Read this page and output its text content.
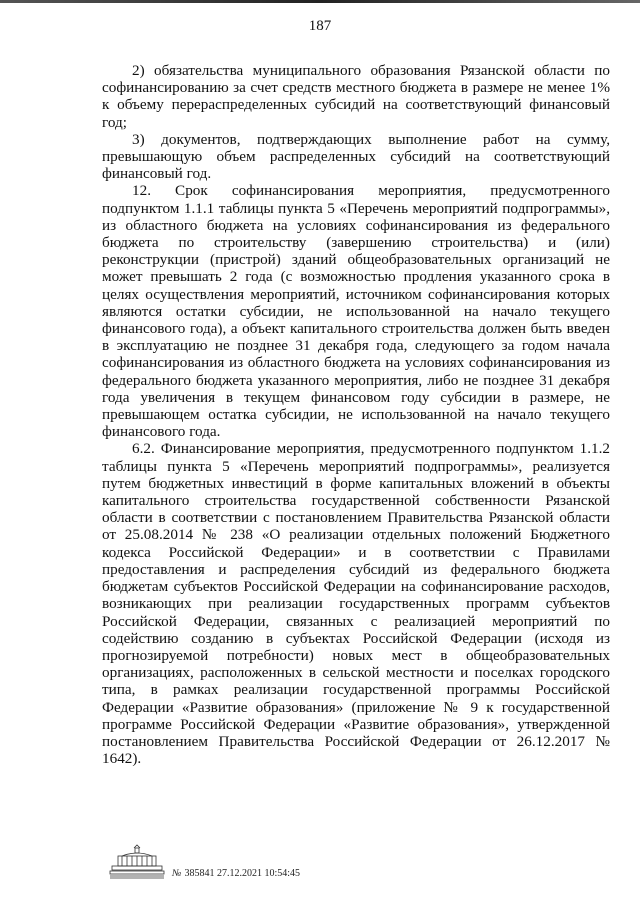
187

2) обязательства муниципального образования Рязанской области по софинансированию за счет средств местного бюджета в размере не менее 1% к объему перераспределенных субсидий на соответствующий финансовый год;

3) документов, подтверждающих выполнение работ на сумму, превышающую объем распределенных субсидий на соответствующий финансовый год.

12. Срок софинансирования мероприятия, предусмотренного подпунктом 1.1.1 таблицы пункта 5 «Перечень мероприятий подпрограммы», из областного бюджета на условиях софинансирования из федерального бюджета по строительству (завершению строительства) и (или) реконструкции (пристрой) зданий общеобразовательных организаций не может превышать 2 года (с возможностью продления указанного срока в целях осуществления мероприятий, источником софинансирования которых являются остатки субсидии, не использованной на начало текущего финансового года), а объект капитального строительства должен быть введен в эксплуатацию не позднее 31 декабря года, следующего за годом начала софинансирования из областного бюджета на условиях софинансирования из федерального бюджета указанного мероприятия, либо не позднее 31 декабря года увеличения в текущем финансовом году субсидии в размере, не превышающем остатка субсидии, не использованной на начало текущего финансового года.

6.2. Финансирование мероприятия, предусмотренного подпунктом 1.1.2 таблицы пункта 5 «Перечень мероприятий подпрограммы», реализуется путем бюджетных инвестиций в форме капитальных вложений в объекты капитального строительства государственной собственности Рязанской области в соответствии с постановлением Правительства Рязанской области от 25.08.2014 № 238 «О реализации отдельных положений Бюджетного кодекса Российской Федерации» и в соответствии с Правилами предоставления и распределения субсидий из федерального бюджета бюджетам субъектов Российской Федерации на софинансирование расходов, возникающих при реализации государственных программ субъектов Российской Федерации, связанных с реализацией мероприятий по содействию созданию в субъектах Российской Федерации (исходя из прогнозируемой потребности) новых мест в общеобразовательных организациях, расположенных в сельской местности и поселках городского типа, в рамках реализации государственной программы Российской Федерации «Развитие образования» (приложение № 9 к государственной программе Российской Федерации «Развитие образования», утвержденной постановлением Правительства Российской Федерации от 26.12.2017 № 1642).

№ 385841 27.12.2021 10:54:45
